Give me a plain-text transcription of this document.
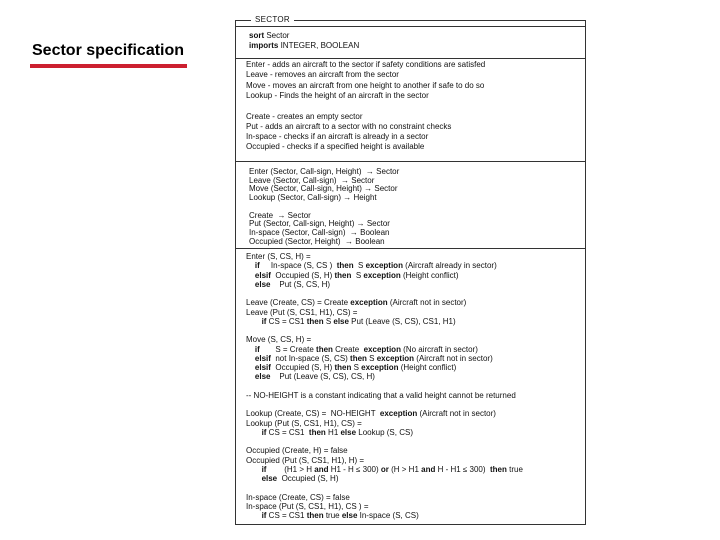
Sector specification
SECTOR
sort Sector
imports INTEGER, BOOLEAN
Enter - adds an aircraft to the sector if safety conditions are satisfed
Leave - removes an aircraft from the sector
Move - moves an aircraft from one height to another if safe to do so
Lookup - Finds the height of an aircraft in the sector
Create - creates an empty sector
Put - adds an aircraft to a sector with no constraint checks
In-space - checks if an aircraft is already in a sector
Occupied - checks if a specified height is available
Enter (Sector, Call-sign, Height)  → Sector
Leave (Sector, Call-sign)  → Sector
Move (Sector, Call-sign, Height) → Sector
Lookup (Sector, Call-sign) → Height
Create  → Sector
Put (Sector, Call-sign, Height) → Sector
In-space (Sector, Call-sign)  → Boolean
Occupied (Sector, Height)  → Boolean
Enter (S, CS, H) =
if     In-space (S, CS )  then  S exception (Aircraft already in sector)
elsif  Occupied (S, H) then  S exception (Height conflict)
else    Put (S, CS, H)
Leave (Create, CS) = Create exception (Aircraft not in sector)
Leave (Put (S, CS1, H1), CS) =
if CS = CS1 then S else Put (Leave (S, CS), CS1, H1)
Move (S, CS, H) =
if       S = Create then Create  exception (No aircraft in sector)
elsif  not In-space (S, CS) then S exception (Aircraft not in sector)
elsif  Occupied (S, H) then S exception (Height conflict)
else    Put (Leave (S, CS), CS, H)
-- NO-HEIGHT is a constant indicating that a valid height cannot be returned
Lookup (Create, CS) =  NO-HEIGHT  exception (Aircraft not in sector)
Lookup (Put (S, CS1, H1), CS) =
if CS = CS1  then H1 else Lookup (S, CS)
Occupied (Create, H) = false
Occupied (Put (S, CS1, H1), H) =
if        (H1 > H and H1 - H ≤ 300) or (H > H1 and H - H1 ≤ 300)  then true
else  Occupied (S, H)
In-space (Create, CS) = false
In-space (Put (S, CS1, H1), CS ) =
if CS = CS1 then true else In-space (S, CS)
